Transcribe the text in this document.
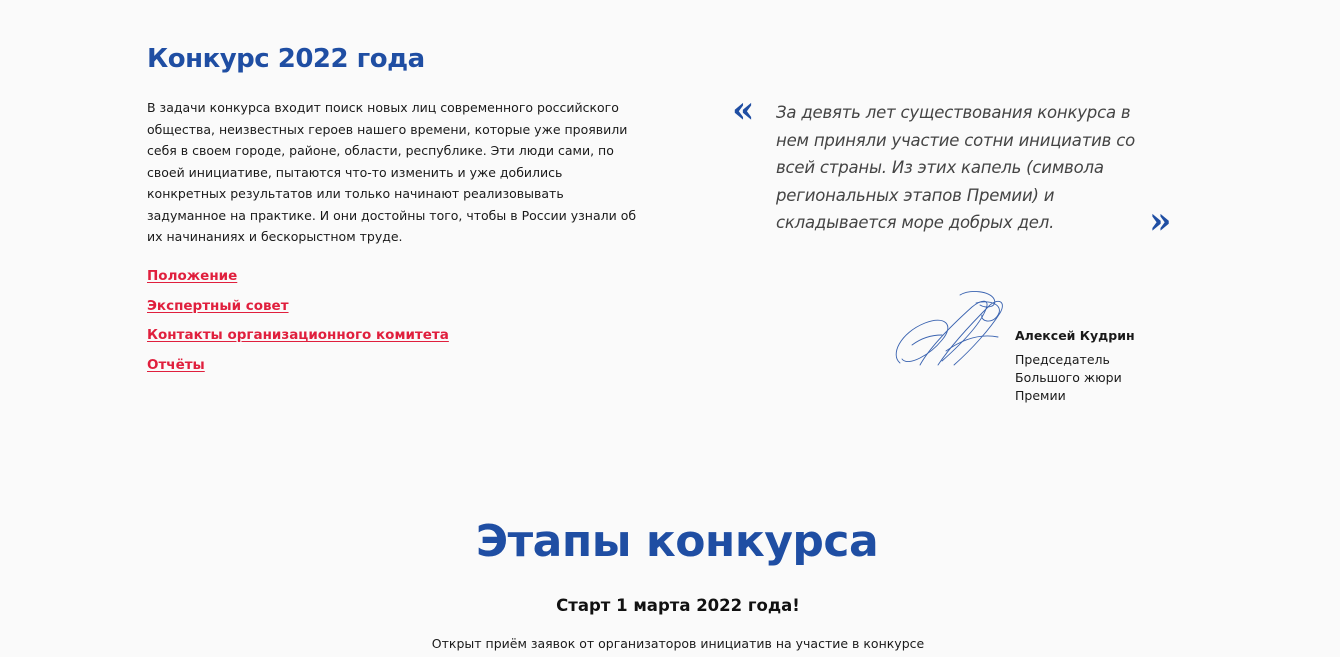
Конкурс 2022 года

В задачи конкурса входит поиск новых лиц современного российского общества, неизвестных героев нашего времени, которые уже проявили себя в своем городе, районе, области, республике. Эти люди сами, по своей инициативе, пытаются что-то изменить и уже добились конкретных результатов или только начинают реализовывать задуманное на практике. И они достойны того, чтобы в России узнали об их начинаниях и бескорыстном труде.

Положение
Экспертный совет
Контакты организационного комитета
Отчёты
« За девять лет существования конкурса в нем приняли участие сотни инициатив со всей страны. Из этих капель (символа региональных этапов Премии) и складывается море добрых дел.	»

Алексей Кудрин

Председатель Большого жюри Премии

Этапы конкурса

Старт 1 марта 2022 года!

Открыт приём заявок от организаторов инициатив на участие в конкурсе
